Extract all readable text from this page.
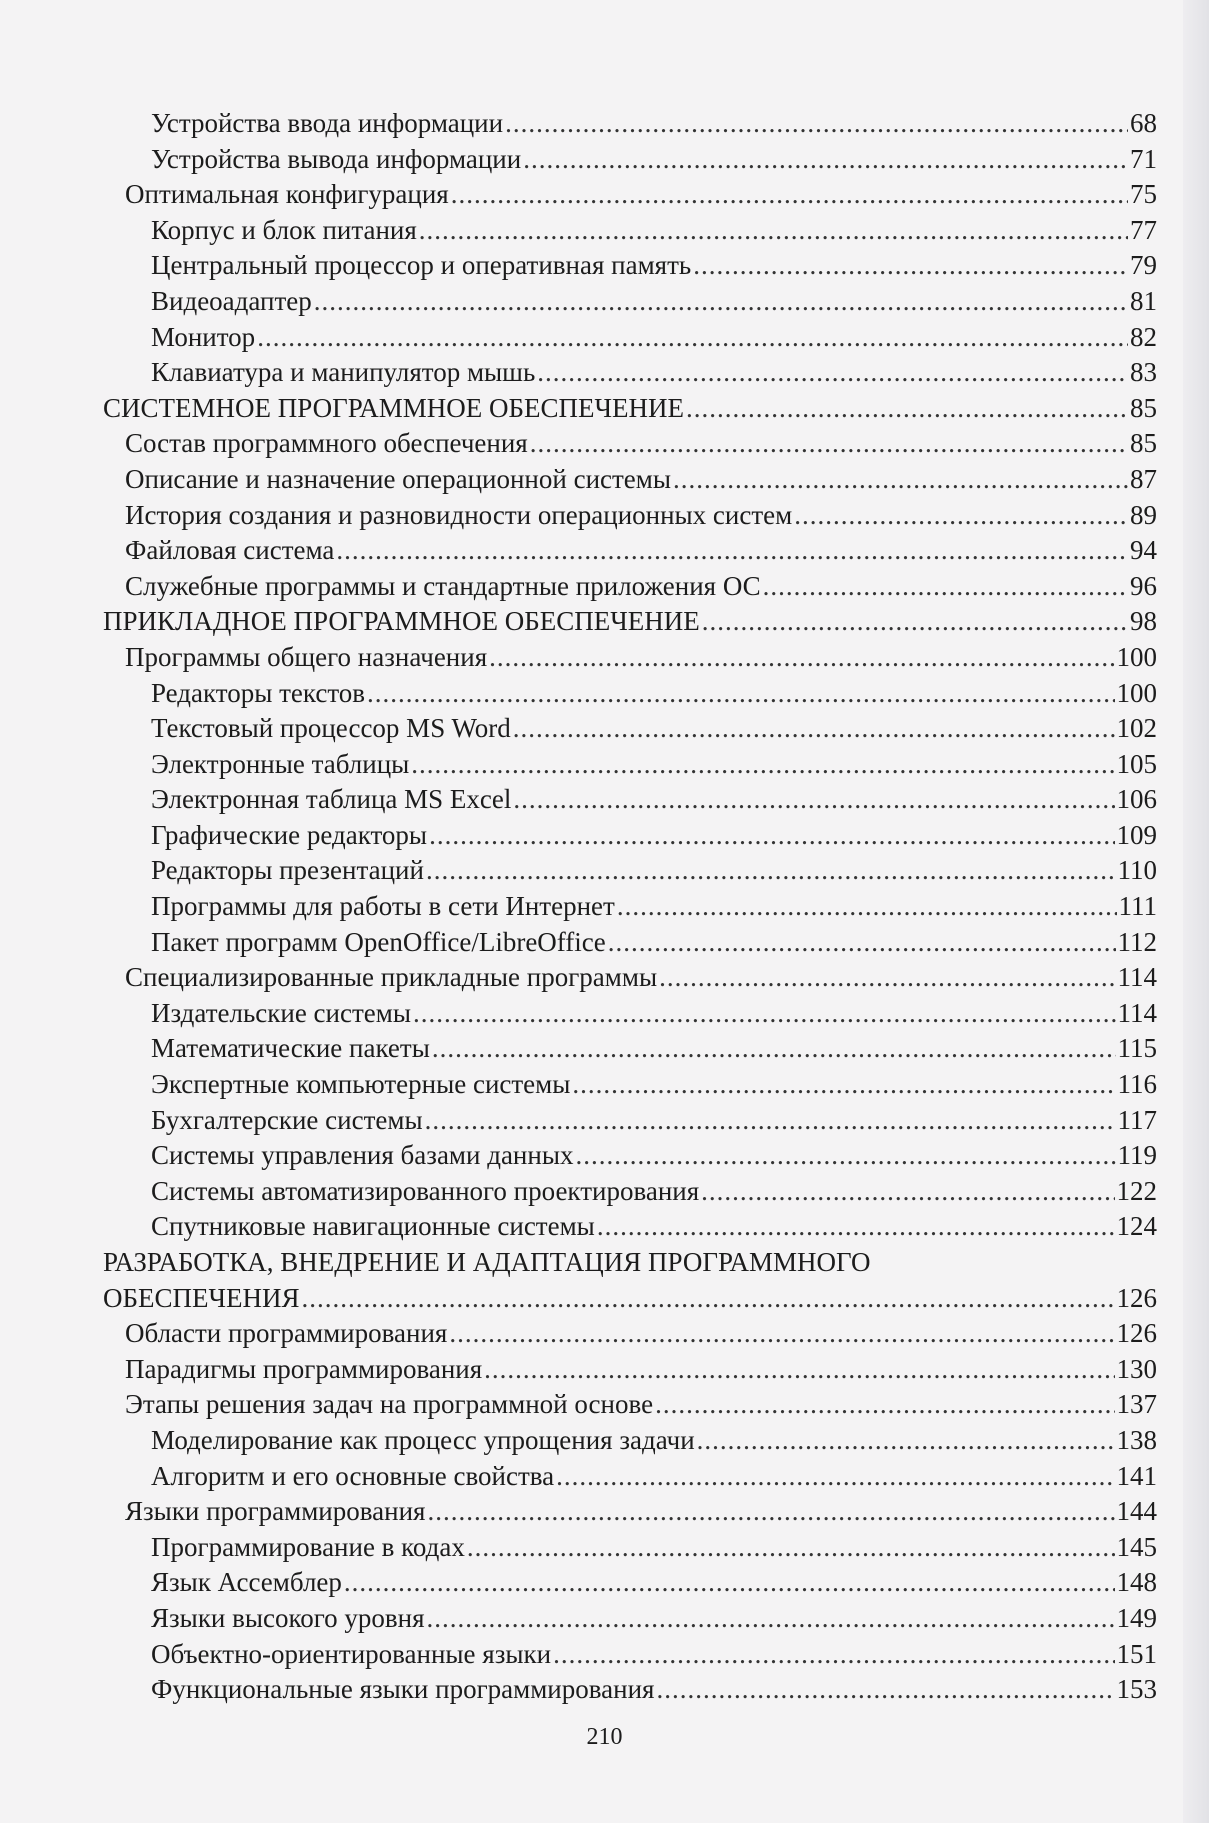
Устройства ввода информации .....	68
Устройства вывода информации .....	71
Оптимальная конфигурация .....	75
Корпус и блок питания .....	77
Центральный процессор и оперативная память .....	79
Видеоадаптер .....	81
Монитор .....	82
Клавиатура и манипулятор мышь .....	83
СИСТЕМНОЕ ПРОГРАММНОЕ ОБЕСПЕЧЕНИЕ .....	85
Состав программного обеспечения .....	85
Описание и назначение операционной системы .....	87
История создания и разновидности операционных систем .....	89
Файловая система .....	94
Служебные программы и стандартные приложения ОС .....	96
ПРИКЛАДНОЕ ПРОГРАММНОЕ ОБЕСПЕЧЕНИЕ .....	98
Программы общего назначения .....	100
Редакторы текстов .....	100
Текстовый процессор MS Word .....	102
Электронные таблицы .....	105
Электронная таблица MS Excel .....	106
Графические редакторы .....	109
Редакторы презентаций .....	110
Программы для работы в сети Интернет .....	111
Пакет программ OpenOffice/LibreOffice .....	112
Специализированные прикладные программы .....	114
Издательские системы .....	114
Математические пакеты .....	115
Экспертные компьютерные системы .....	116
Бухгалтерские системы .....	117
Системы управления базами данных .....	119
Системы автоматизированного проектирования .....	122
Спутниковые навигационные системы .....	124
РАЗРАБОТКА, ВНЕДРЕНИЕ И АДАПТАЦИЯ ПРОГРАММНОГО
ОБЕСПЕЧЕНИЯ .....	126
Области программирования .....	126
Парадигмы программирования .....	130
Этапы решения задач на программной основе .....	137
Моделирование как процесс упрощения задачи .....	138
Алгоритм и его основные свойства .....	141
Языки программирования .....	144
Программирование в кодах .....	145
Язык Ассемблер .....	148
Языки высокого уровня .....	149
Объектно-ориентированные языки .....	151
Функциональные языки программирования .....	153
210
